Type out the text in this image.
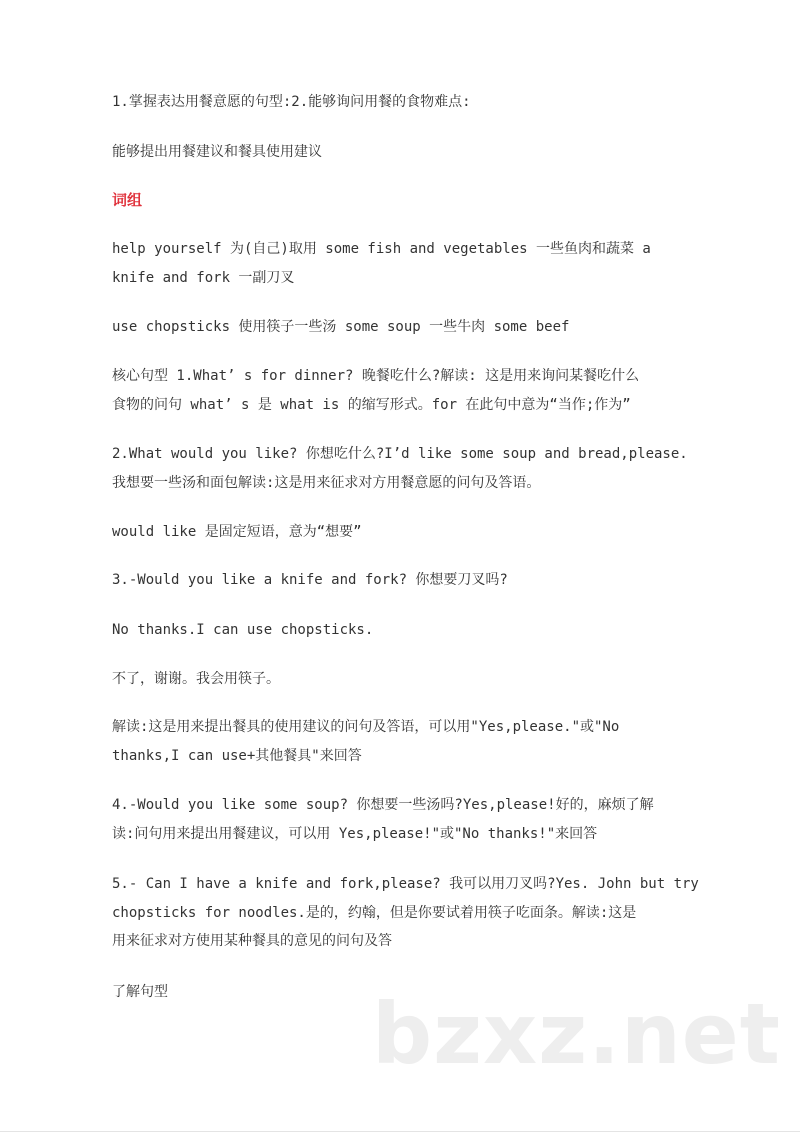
1.掌握表达用餐意愿的句型:2.能够询问用餐的食物难点:
能够提出用餐建议和餐具使用建议
词组
help yourself 为(自己)取用 some fish and vegetables 一些鱼肉和蔬菜 a
knife and fork 一副刀叉
use chopsticks 使用筷子一些汤 some soup 一些牛肉 some beef
核心句型 1.What’ s for dinner? 晚餐吃什么?解读: 这是用来询问某餐吃什么
食物的问句 what’ s 是 what is 的缩写形式。for 在此句中意为“当作;作为”
2.What would you like? 你想吃什么?I’d like some soup and bread,please.
我想要一些汤和面包解读:这是用来征求对方用餐意愿的问句及答语。
would like 是固定短语，意为“想要”
3.-Would you like a knife and fork? 你想要刀叉吗?
No thanks.I can use chopsticks.
不了，谢谢。我会用筷子。
解读:这是用来提出餐具的使用建议的问句及答语，可以用"Yes,please."或"No
thanks,I can use+其他餐具"来回答
4.-Would you like some soup? 你想要一些汤吗?Yes,please!好的，麻烦了解
读:问句用来提出用餐建议，可以用 Yes,please!"或"No thanks!"来回答
5.- Can I have a knife and fork,please? 我可以用刀叉吗?Yes. John but try
chopsticks for noodles.是的，约翰，但是你要试着用筷子吃面条。解读:这是
用来征求对方使用某种餐具的意见的问句及答
了解句型	bzxz.net
